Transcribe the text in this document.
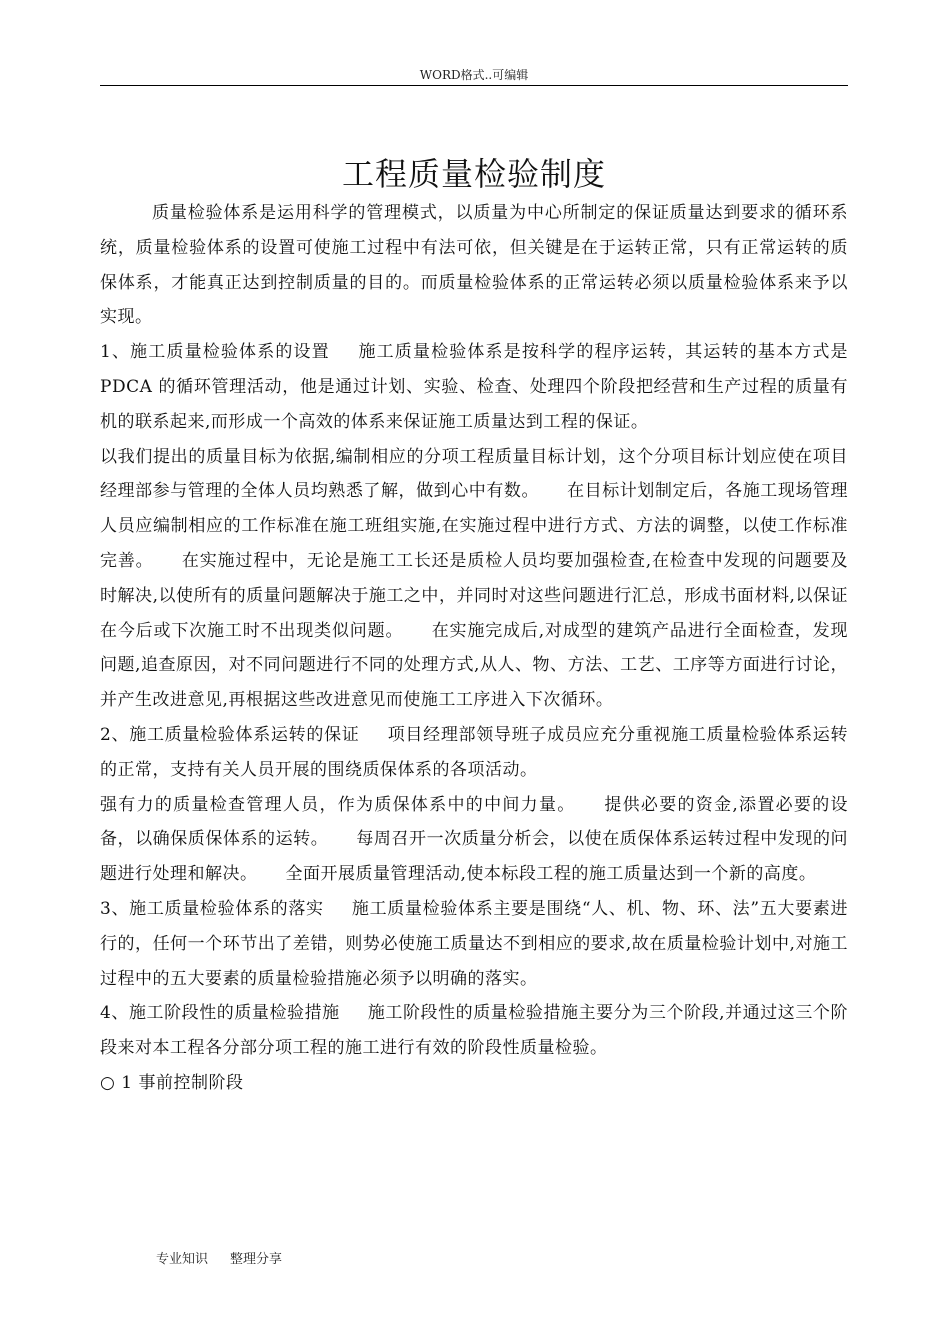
WORD格式..可编辑
工程质量检验制度

质量检验体系是运用科学的管理模式，以质量为中心所制定的保证质量达到要求的循环系统，质量检验体系的设置可使施工过程中有法可依，但关键是在于运转正常，只有正常运转的质保体系，才能真正达到控制质量的目的。而质量检验体系的正常运转必须以质量检验体系来予以实现。

1、施工质量检验体系的设置 施工质量检验体系是按科学的程序运转，其运转的基本方式是 PDCA 的循环管理活动，他是通过计划、实验、检查、处理四个阶段把经营和生产过程的质量有机的联系起来,而形成一个高效的体系来保证施工质量达到工程的保证。

以我们提出的质量目标为依据,编制相应的分项工程质量目标计划，这个分项目标计划应使在项目经理部参与管理的全体人员均熟悉了解，做到心中有数。 在目标计划制定后，各施工现场管理人员应编制相应的工作标准在施工班组实施,在实施过程中进行方式、方法的调整，以使工作标准完善。 在实施过程中，无论是施工工长还是质检人员均要加强检查,在检查中发现的问题要及时解决,以使所有的质量问题解决于施工之中，并同时对这些问题进行汇总，形成书面材料,以保证在今后或下次施工时不出现类似问题。 在实施完成后,对成型的建筑产品进行全面检查，发现问题,追查原因，对不同问题进行不同的处理方式,从人、物、方法、工艺、工序等方面进行讨论，并产生改进意见,再根据这些改进意见而使施工工序进入下次循环。

2、施工质量检验体系运转的保证 项目经理部领导班子成员应充分重视施工质量检验体系运转的正常，支持有关人员开展的围绕质保体系的各项活动。

强有力的质量检查管理人员，作为质保体系中的中间力量。 提供必要的资金,添置必要的设备，以确保质保体系的运转。 每周召开一次质量分析会，以使在质保体系运转过程中发现的问题进行处理和解决。 全面开展质量管理活动,使本标段工程的施工质量达到一个新的高度。

3、施工质量检验体系的落实 施工质量检验体系主要是围绕“人、机、物、环、法”五大要素进行的，任何一个环节出了差错，则势必使施工质量达不到相应的要求,故在质量检验计划中,对施工过程中的五大要素的质量检验措施必须予以明确的落实。

4、施工阶段性的质量检验措施 施工阶段性的质量检验措施主要分为三个阶段,并通过这三个阶段来对本工程各分部分项工程的施工进行有效的阶段性质量检验。

○ 1 事前控制阶段

专业知识 整理分享
